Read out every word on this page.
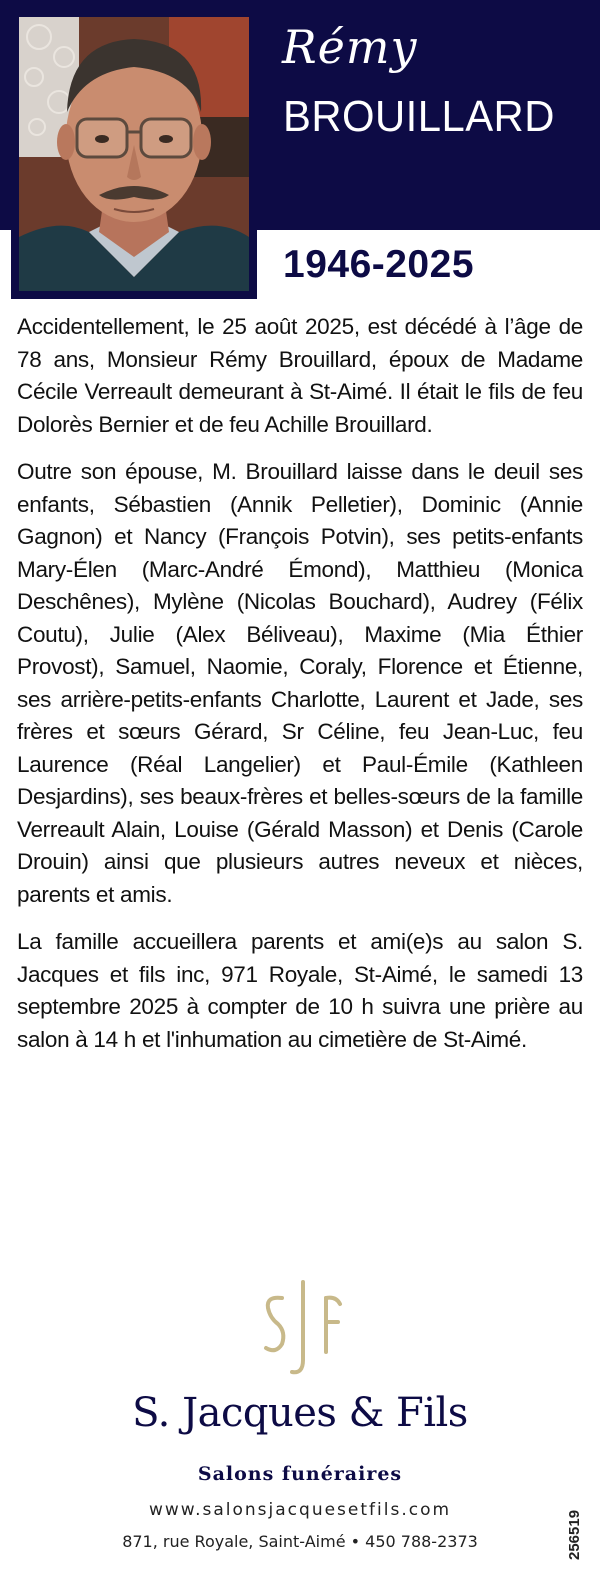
Rémy
BROUILLARD
1946-2025

Accidentellement, le 25 août 2025, est décédé à l’âge de 78 ans, Monsieur Rémy Brouillard, époux de Madame Cécile Verreault demeurant à St-Aimé. Il était le fils de feu Dolorès Bernier et de feu Achille Brouillard.

Outre son épouse, M. Brouillard laisse dans le deuil ses enfants, Sébastien (Annik Pelletier), Dominic (Annie Gagnon) et Nancy (François Potvin), ses petits-enfants Mary-Élen (Marc-André Émond), Matthieu (Monica Deschênes), Mylène (Nicolas Bouchard), Audrey (Félix Coutu), Julie (Alex Béliveau), Maxime (Mia Éthier Provost), Samuel, Naomie, Coraly, Florence et Étienne, ses arrière-petits-enfants Charlotte, Laurent et Jade, ses frères et sœurs Gérard, Sr Céline, feu Jean-Luc, feu Laurence (Réal Langelier) et Paul-Émile (Kathleen Desjardins), ses beaux-frères et belles-sœurs de la famille Verreault Alain, Louise (Gérald Masson) et Denis (Carole Drouin) ainsi que plusieurs autres neveux et nièces, parents et amis.

La famille accueillera parents et ami(e)s au salon S. Jacques et fils inc, 971 Royale, St-Aimé, le samedi 13 septembre 2025 à compter de 10 h suivra une prière au salon à 14 h et l'inhumation au cimetière de St-Aimé.

S. Jacques & Fils
Salons funéraires
www.salonsjacquesetfils.com
871, rue Royale, Saint-Aimé • 450 788-2373	256519
